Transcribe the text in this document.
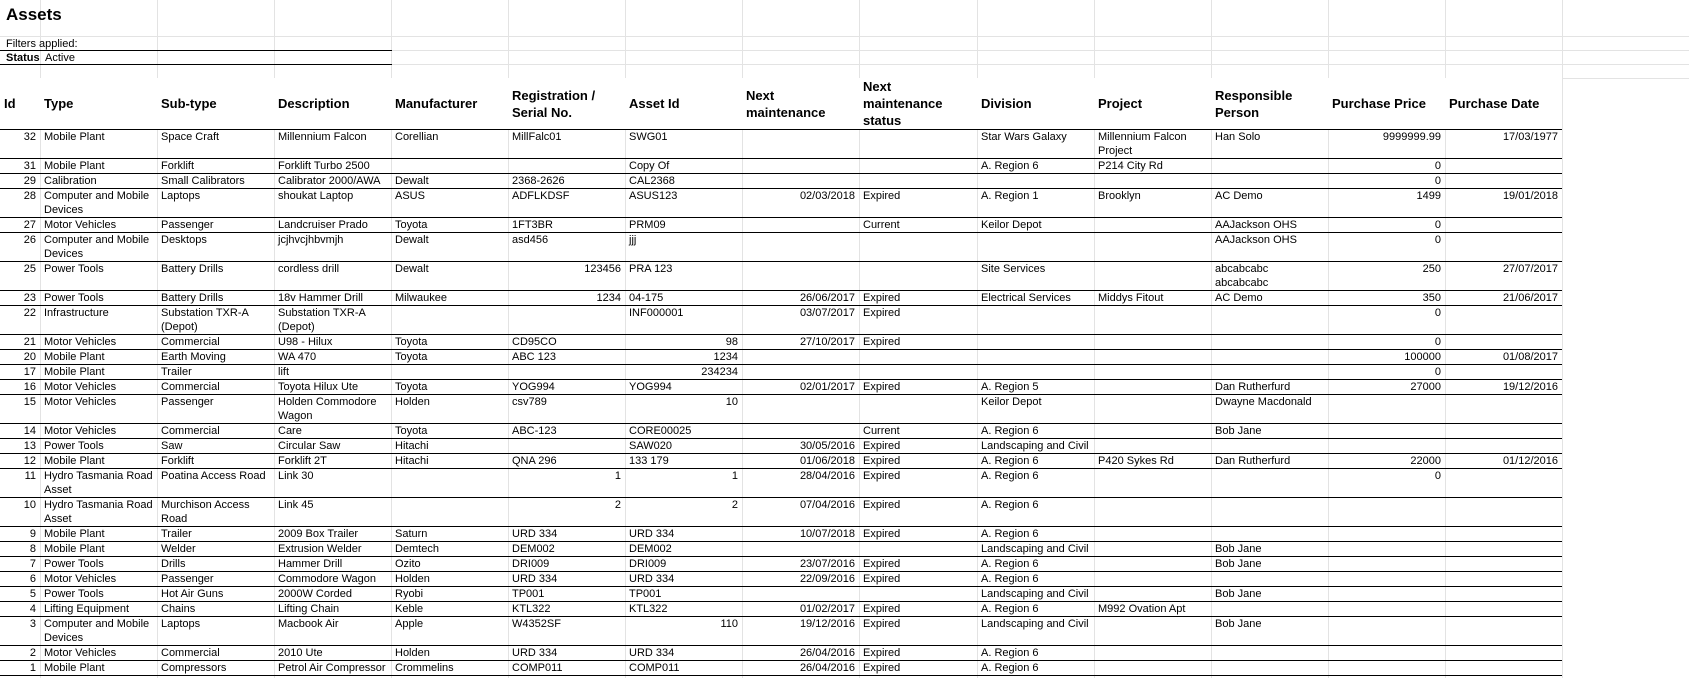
Assets
Filters applied:
Status Active
Id	Type	Sub-type	Description	Manufacturer	Registration / Serial No.	Asset Id	Next maintenance	Next maintenance status	Division	Project	Responsible Person	Purchase Price	Purchase Date
32	Mobile Plant	Space Craft	Millennium Falcon	Corellian	MillFalc01	SWG01			Star Wars Galaxy	Millennium Falcon Project	Han Solo	9999999.99	17/03/1977
31	Mobile Plant	Forklift	Forklift Turbo 2500			Copy Of			A. Region 6	P214 City Rd		0	
29	Calibration	Small Calibrators	Calibrator 2000/AWA	Dewalt	2368-2626	CAL2368						0	
28	Computer and Mobile Devices	Laptops	shoukat Laptop	ASUS	ADFLKDSF	ASUS123	02/03/2018	Expired	A. Region 1	Brooklyn	AC Demo	1499	19/01/2018
27	Motor Vehicles	Passenger	Landcruiser Prado	Toyota	1FT3BR	PRM09		Current	Keilor Depot		AAJackson OHS	0	
26	Computer and Mobile Devices	Desktops	jcjhvcjhbvmjh	Dewalt	asd456	jjj					AAJackson OHS	0	
25	Power Tools	Battery Drills	cordless drill	Dewalt	123456	PRA 123			Site Services		abcabcabc abcabcabc	250	27/07/2017
23	Power Tools	Battery Drills	18v Hammer Drill	Milwaukee	1234	04-175	26/06/2017	Expired	Electrical Services	Middys Fitout	AC Demo	350	21/06/2017
22	Infrastructure	Substation TXR-A (Depot)	Substation TXR-A (Depot)			INF000001	03/07/2017	Expired				0	
21	Motor Vehicles	Commercial	U98 - Hilux	Toyota	CD95CO	98	27/10/2017	Expired				0	
20	Mobile Plant	Earth Moving	WA 470	Toyota	ABC 123	1234						100000	01/08/2017
17	Mobile Plant	Trailer	lift			234234						0	
16	Motor Vehicles	Commercial	Toyota Hilux Ute	Toyota	YOG994	YOG994	02/01/2017	Expired	A. Region 5		Dan Rutherfurd	27000	19/12/2016
15	Motor Vehicles	Passenger	Holden Commodore Wagon	Holden	csv789	10			Keilor Depot		Dwayne Macdonald		
14	Motor Vehicles	Commercial	Care	Toyota	ABC-123	CORE00025		Current	A. Region 6		Bob Jane		
13	Power Tools	Saw	Circular Saw	Hitachi		SAW020	30/05/2016	Expired	Landscaping and Civil				
12	Mobile Plant	Forklift	Forklift 2T	Hitachi	QNA 296	133 179	01/06/2018	Expired	A. Region 6	P420 Sykes Rd	Dan Rutherfurd	22000	01/12/2016
11	Hydro Tasmania Road Asset	Poatina Access Road	Link 30		1	1	28/04/2016	Expired	A. Region 6			0	
10	Hydro Tasmania Road Asset	Murchison Access Road	Link 45		2	2	07/04/2016	Expired	A. Region 6				
9	Mobile Plant	Trailer	2009 Box Trailer	Saturn	URD 334	URD 334	10/07/2018	Expired	A. Region 6				
8	Mobile Plant	Welder	Extrusion Welder	Demtech	DEM002	DEM002			Landscaping and Civil		Bob Jane		
7	Power Tools	Drills	Hammer Drill	Ozito	DRI009	DRI009	23/07/2016	Expired	A. Region 6		Bob Jane		
6	Motor Vehicles	Passenger	Commodore Wagon	Holden	URD 334	URD 334	22/09/2016	Expired	A. Region 6				
5	Power Tools	Hot Air Guns	2000W Corded	Ryobi	TP001	TP001			Landscaping and Civil		Bob Jane		
4	Lifting Equipment	Chains	Lifting Chain	Keble	KTL322	KTL322	01/02/2017	Expired	A. Region 6	M992 Ovation Apt			
3	Computer and Mobile Devices	Laptops	Macbook Air	Apple	W4352SF	110	19/12/2016	Expired	Landscaping and Civil		Bob Jane		
2	Motor Vehicles	Commercial	2010 Ute	Holden	URD 334	URD 334	26/04/2016	Expired	A. Region 6				
1	Mobile Plant	Compressors	Petrol Air Compressor	Crommelins	COMP011	COMP011	26/04/2016	Expired	A. Region 6				
